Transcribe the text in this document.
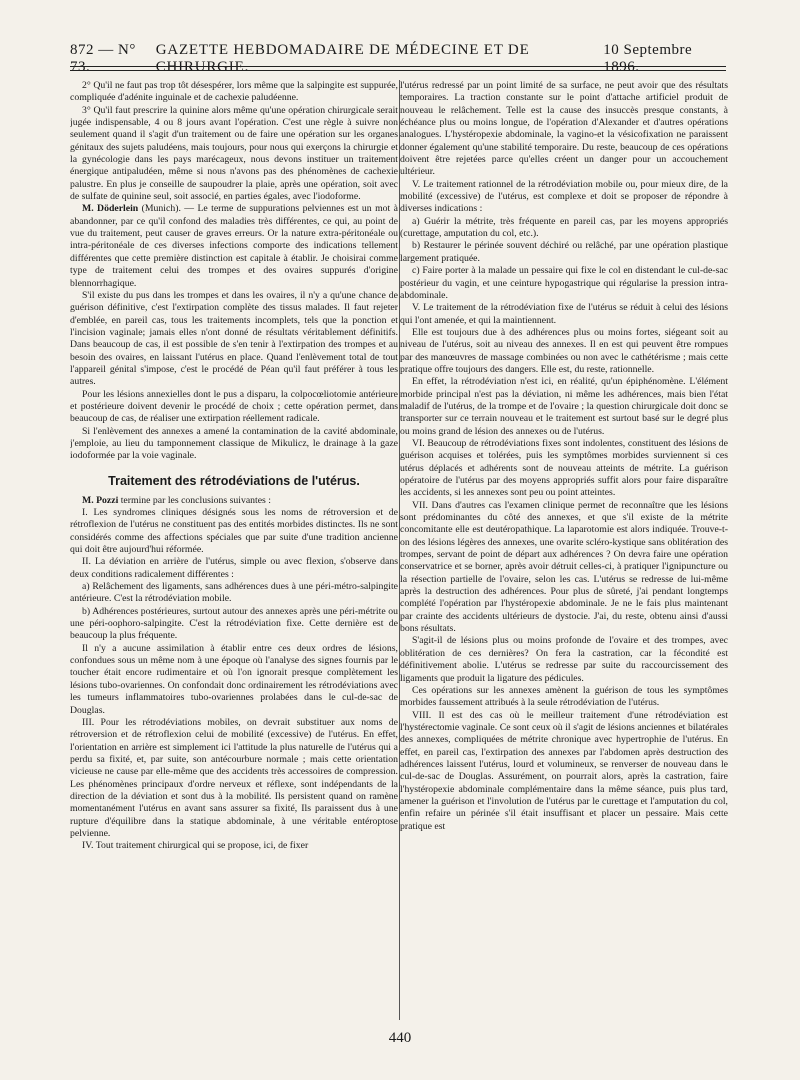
872 — N° 73.
GAZETTE HEBDOMADAIRE DE MÉDECINE ET DE CHIRURGIE.
10 Septembre 1896.

2° Qu'il ne faut pas trop tôt désespérer, lors même que la salpingite est suppurée, compliquée d'adénite inguinale et de cachexie paludéenne.

3° Qu'il faut prescrire la quinine alors même qu'une opération chirurgicale serait jugée indispensable, 4 ou 8 jours avant l'opération. C'est une règle à suivre non seulement quand il s'agit d'un traitement ou de faire une opération sur les organes génitaux des sujets paludéens, mais toujours, pour nous qui exerçons la chirurgie et la gynécologie dans les pays marécageux, nous devons instituer un traitement énergique antipaludéen, même si nous n'avons pas des phénomènes de cachexie palustre. En plus je conseille de saupoudrer la plaie, après une opération, soit avec de sulfate de quinine seul, soit associé, en parties égales, avec l'iodoforme.

M. Döderlein (Munich). — Le terme de suppurations pelviennes est un mot à abandonner, par ce qu'il confond des maladies très différentes, ce qui, au point de vue du traitement, peut causer de graves erreurs. Or la nature extra-péritonéale ou intra-péritonéale de ces diverses infections comporte des indications tellement différentes que cette première distinction est capitale à établir. Je choisirai comme type de traitement celui des trompes et des ovaires suppurés d'origine blennorrhagique.

S'il existe du pus dans les trompes et dans les ovaires, il n'y a qu'une chance de guérison définitive, c'est l'extirpation complète des tissus malades. Il faut rejeter d'emblée, en pareil cas, tous les traitements incomplets, tels que la ponction et l'incision vaginale; jamais elles n'ont donné de résultats véritablement définitifs. Dans beaucoup de cas, il est possible de s'en tenir à l'extirpation des trompes et au besoin des ovaires, en laissant l'utérus en place. Quand l'enlèvement total de tout l'appareil génital s'impose, c'est le procédé de Péan qu'il faut préférer à tous les autres.

Pour les lésions annexielles dont le pus a disparu, la colpocœliotomie antérieure et postérieure doivent devenir le procédé de choix ; cette opération permet, dans beaucoup de cas, de réaliser une extirpation réellement radicale.

Si l'enlèvement des annexes a amené la contamination de la cavité abdominale, j'emploie, au lieu du tamponnement classique de Mikulicz, le drainage à la gaze iodoformée par la voie vaginale.

Traitement des rétrodéviations de l'utérus.

M. Pozzi termine par les conclusions suivantes :

I. Les syndromes cliniques désignés sous les noms de rétroversion et de rétroflexion de l'utérus ne constituent pas des entités morbides distinctes. Ils ne sont considérés comme des affections spéciales que par suite d'une tradition ancienne qui doit être aujourd'hui réformée.

II. La déviation en arrière de l'utérus, simple ou avec flexion, s'observe dans deux conditions radicalement différentes :

a) Relâchement des ligaments, sans adhérences dues à une péri-métro-salpingite antérieure. C'est la rétrodéviation mobile.

b) Adhérences postérieures, surtout autour des annexes après une péri-métrite ou une péri-oophoro-salpingite. C'est la rétrodéviation fixe. Cette dernière est de beaucoup la plus fréquente.

Il n'y a aucune assimilation à établir entre ces deux ordres de lésions, confondues sous un même nom à une époque où l'analyse des signes fournis par le toucher était encore rudimentaire et où l'on ignorait presque complètement les lésions tubo-ovariennes. On confondait donc ordinairement les rétrodéviations avec les tumeurs inflammatoires tubo-ovariennes prolabées dans le cul-de-sac de Douglas.

III. Pour les rétrodéviations mobiles, on devrait substituer aux noms de rétroversion et de rétroflexion celui de mobilité (excessive) de l'utérus. En effet, l'orientation en arrière est simplement ici l'attitude la plus naturelle de l'utérus qui a perdu sa fixité, et, par suite, son antécourbure normale ; mais cette orientation vicieuse ne cause par elle-même que des accidents très accessoires de compression. Les phénomènes principaux d'ordre nerveux et réflexe, sont indépendants de la direction de la déviation et sont dus à la mobilité. Ils persistent quand on ramène momentanément l'utérus en avant sans assurer sa fixité, Ils paraissent dus à une rupture d'équilibre dans la statique abdominale, à une véritable entéroptose pelvienne.

IV. Tout traitement chirurgical qui se propose, ici, de fixer

l'utérus redressé par un point limité de sa surface, ne peut avoir que des résultats temporaires. La traction constante sur le point d'attache artificiel produit de nouveau le relâchement. Telle est la cause des insuccès presque constants, à échéance plus ou moins longue, de l'opération d'Alexander et d'autres opérations analogues. L'hystéropexie abdominale, la vagino-et la vésicofixation ne paraissent donner également qu'une stabilité temporaire. Du reste, beaucoup de ces opérations doivent être rejetées parce qu'elles créent un danger pour un accouchement ultérieur.

V. Le traitement rationnel de la rétrodéviation mobile ou, pour mieux dire, de la mobilité (excessive) de l'utérus, est complexe et doit se proposer de répondre à diverses indications :

a) Guérir la métrite, très fréquente en pareil cas, par les moyens appropriés (curettage, amputation du col, etc.).

b) Restaurer le périnée souvent déchiré ou relâché, par une opération plastique largement pratiquée.

c) Faire porter à la malade un pessaire qui fixe le col en distendant le cul-de-sac postérieur du vagin, et une ceinture hypogastrique qui régularise la pression intra-abdominale.

V. Le traitement de la rétrodéviation fixe de l'utérus se réduit à celui des lésions qui l'ont amenée, et qui la maintiennent.

Elle est toujours due à des adhérences plus ou moins fortes, siégeant soit au niveau de l'utérus, soit au niveau des annexes. Il en est qui peuvent être rompues par des manœuvres de massage combinées ou non avec le cathétérisme ; mais cette pratique offre toujours des dangers. Elle est, du reste, rationnelle.

En effet, la rétrodéviation n'est ici, en réalité, qu'un épiphénomène. L'élément morbide principal n'est pas la déviation, ni même les adhérences, mais bien l'état maladif de l'utérus, de la trompe et de l'ovaire ; la question chirurgicale doit donc se transporter sur ce terrain nouveau et le traitement est surtout basé sur le degré plus ou moins grand de lésion des annexes ou de l'utérus.

VI. Beaucoup de rétrodéviations fixes sont indolentes, constituent des lésions de guérison acquises et tolérées, puis les symptômes morbides surviennent si ces utérus déplacés et adhérents sont de nouveau atteints de métrite. La guérison opératoire de l'utérus par des moyens appropriés suffit alors pour faire disparaître les accidents, si les annexes sont peu ou point atteintes.

VII. Dans d'autres cas l'examen clinique permet de reconnaître que les lésions sont prédominantes du côté des annexes, et que s'il existe de la métrite concomitante elle est deutéropathique. La laparotomie est alors indiquée. Trouve-t-on des lésions légères des annexes, une ovarite scléro-kystique sans oblitération des trompes, servant de point de départ aux adhérences ? On devra faire une opération conservatrice et se borner, après avoir détruit celles-ci, à pratiquer l'ignipuncture ou la résection partielle de l'ovaire, selon les cas. L'utérus se redresse de lui-même après la destruction des adhérences. Pour plus de sûreté, j'ai pendant longtemps complété l'opération par l'hystéropexie abdominale. Je ne le fais plus maintenant par crainte des accidents ultérieurs de dystocie. J'ai, du reste, obtenu ainsi d'aussi bons résultats.

S'agit-il de lésions plus ou moins profonde de l'ovaire et des trompes, avec oblitération de ces dernières? On fera la castration, car la fécondité est définitivement abolie. L'utérus se redresse par suite du raccourcissement des ligaments que produit la ligature des pédicules.

Ces opérations sur les annexes amènent la guérison de tous les symptômes morbides faussement attribués à la seule rétrodéviation de l'utérus.

VIII. Il est des cas où le meilleur traitement d'une rétrodéviation est l'hystérectomie vaginale. Ce sont ceux où il s'agit de lésions anciennes et bilatérales des annexes, compliquées de métrite chronique avec hypertrophie de l'utérus. En effet, en pareil cas, l'extirpation des annexes par l'abdomen après destruction des adhérences laissent l'utérus, lourd et volumineux, se renverser de nouveau dans le cul-de-sac de Douglas. Assurément, on pourrait alors, après la castration, faire l'hystéropexie abdominale complémentaire dans la même séance, puis plus tard, amener la guérison et l'involution de l'utérus par le curettage et l'amputation du col, enfin refaire un périnée s'il était insuffisant et placer un pessaire. Mais cette pratique est

440
